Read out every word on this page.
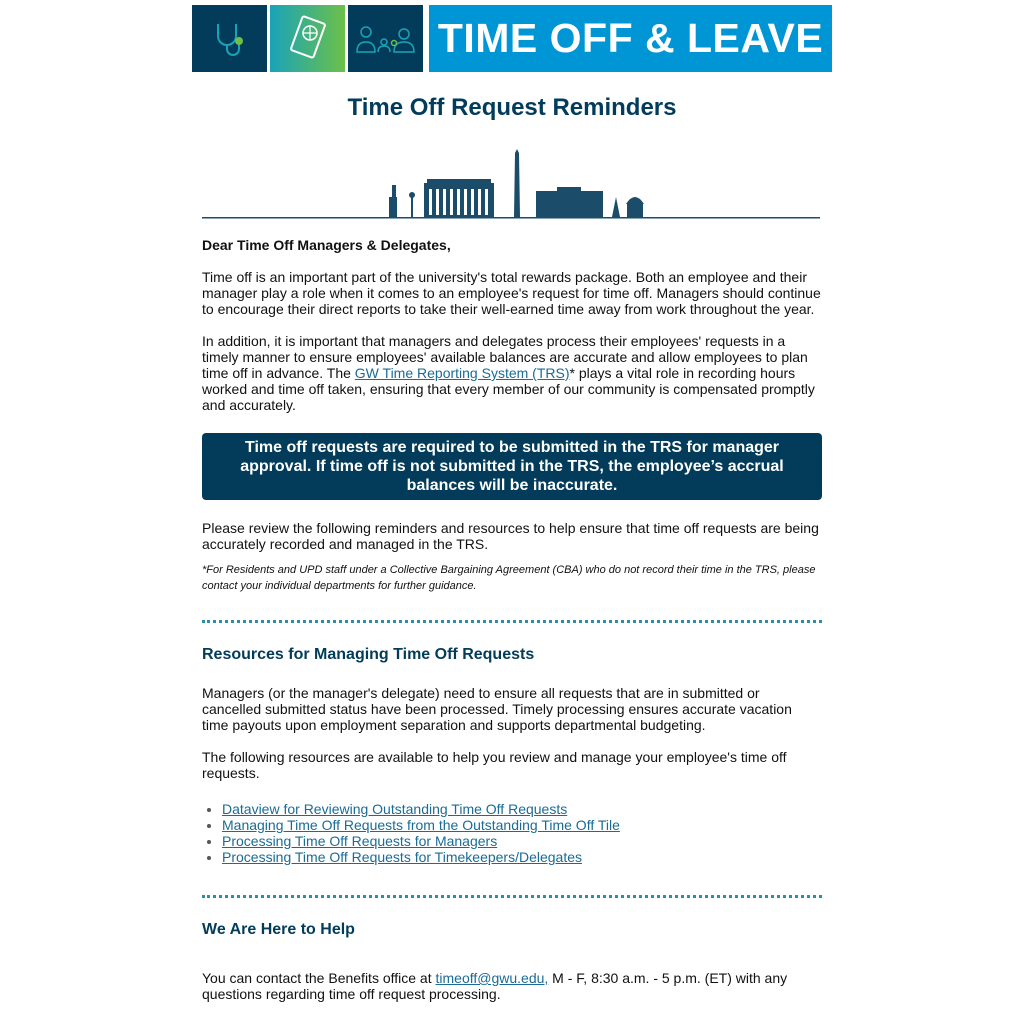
TIME OFF & LEAVE
Time Off Request Reminders

Dear Time Off Managers & Delegates,

Time off is an important part of the university's total rewards package. Both an employee and their manager play a role when it comes to an employee's request for time off. Managers should continue to encourage their direct reports to take their well-earned time away from work throughout the year.

In addition, it is important that managers and delegates process their employees' requests in a timely manner to ensure employees' available balances are accurate and allow employees to plan time off in advance. The GW Time Reporting System (TRS)* plays a vital role in recording hours worked and time off taken, ensuring that every member of our community is compensated promptly and accurately.

Time off requests are required to be submitted in the TRS for manager approval. If time off is not submitted in the TRS, the employee’s accrual balances will be inaccurate.

Please review the following reminders and resources to help ensure that time off requests are being accurately recorded and managed in the TRS.

*For Residents and UPD staff under a Collective Bargaining Agreement (CBA) who do not record their time in the TRS, please contact your individual departments for further guidance.

Resources for Managing Time Off Requests

Managers (or the manager's delegate) need to ensure all requests that are in submitted or cancelled submitted status have been processed. Timely processing ensures accurate vacation time payouts upon employment separation and supports departmental budgeting.

The following resources are available to help you review and manage your employee's time off requests.

• Dataview for Reviewing Outstanding Time Off Requests
• Managing Time Off Requests from the Outstanding Time Off Tile
• Processing Time Off Requests for Managers
• Processing Time Off Requests for Timekeepers/Delegates
We Are Here to Help

You can contact the Benefits office at timeoff@gwu.edu, M - F, 8:30 a.m. - 5 p.m. (ET) with any questions regarding time off request processing.
